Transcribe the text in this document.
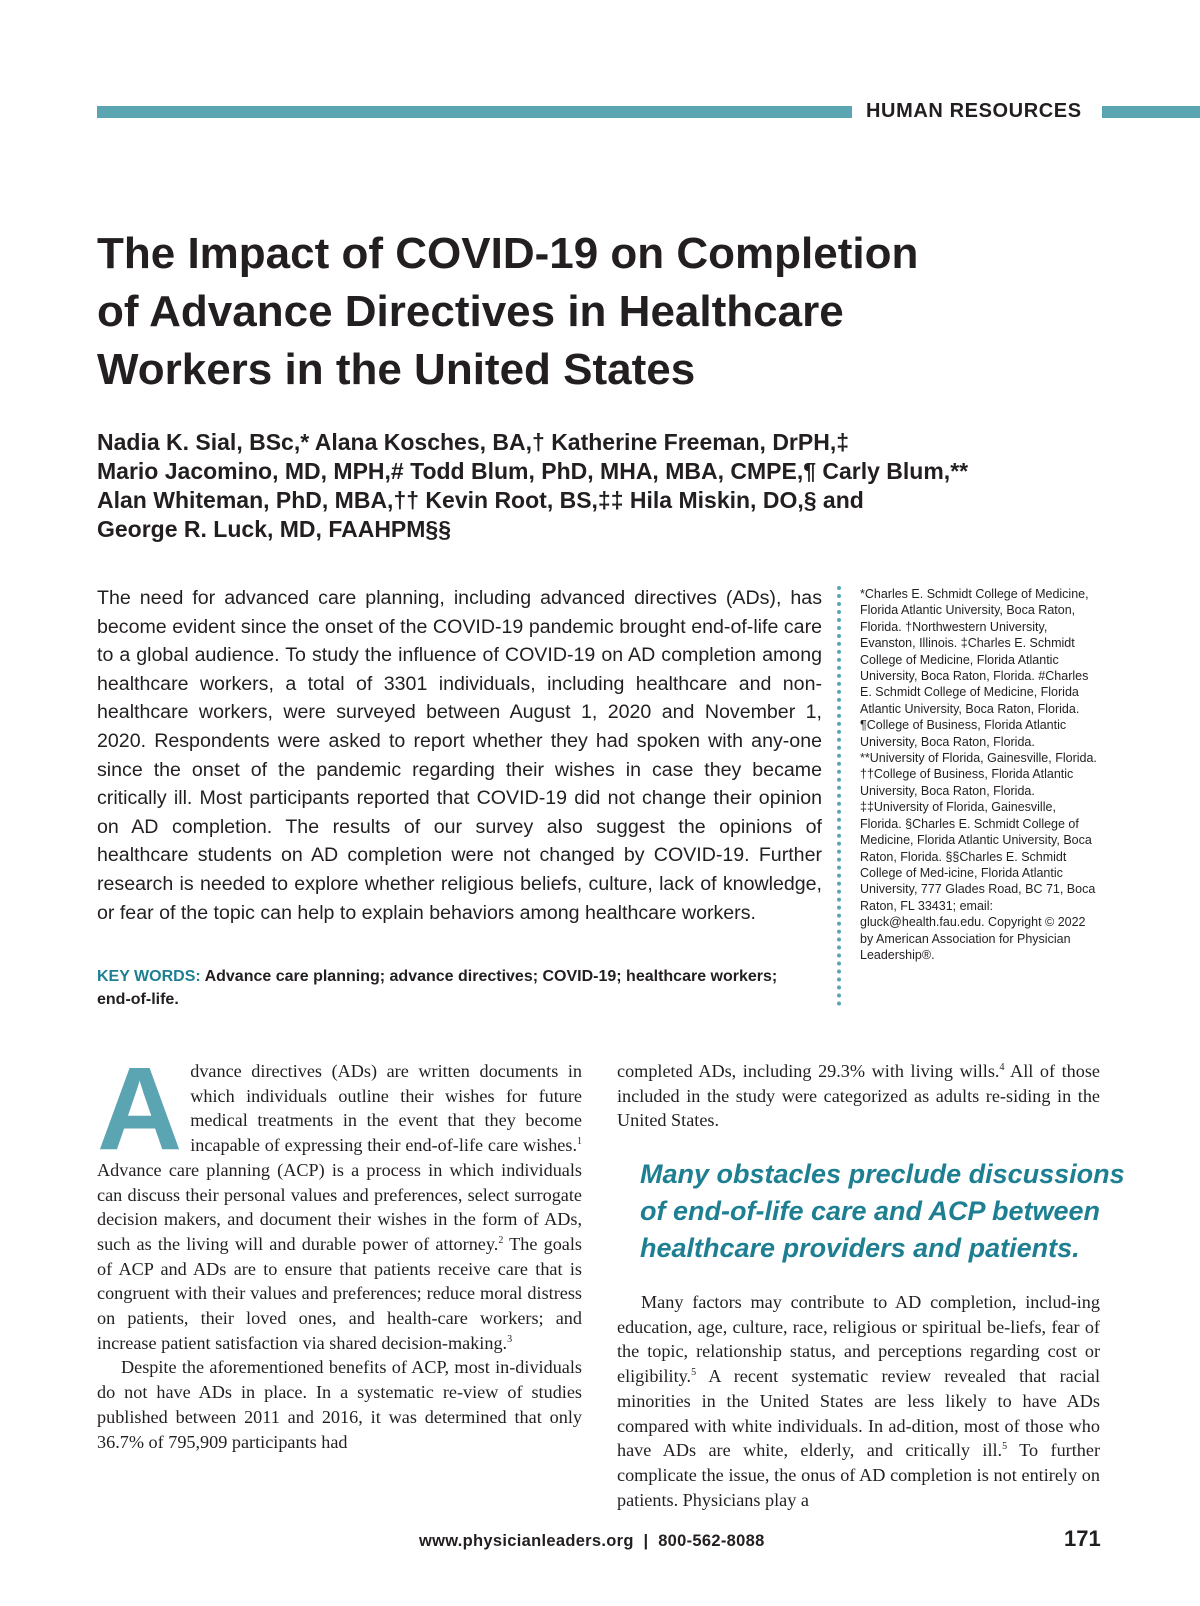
HUMAN RESOURCES
The Impact of COVID-19 on Completion
of Advance Directives in Healthcare
Workers in the United States
Nadia K. Sial, BSc,* Alana Kosches, BA,† Katherine Freeman, DrPH,‡
Mario Jacomino, MD, MPH,# Todd Blum, PhD, MHA, MBA, CMPE,¶ Carly Blum,**
Alan Whiteman, PhD, MBA,†† Kevin Root, BS,‡‡ Hila Miskin, DO,§ and
George R. Luck, MD, FAAHPM§§

The need for advanced care planning, including advanced directives (ADs), has become evident since the onset of the COVID-19 pandemic brought end-of-life care to a global audience. To study the influence of COVID-19 on AD completion among healthcare workers, a total of 3301 individuals, including healthcare and non-healthcare workers, were surveyed between August 1, 2020 and November 1, 2020. Respondents were asked to report whether they had spoken with any-one since the onset of the pandemic regarding their wishes in case they became critically ill. Most participants reported that COVID-19 did not change their opinion on AD completion. The results of our survey also suggest the opinions of healthcare students on AD completion were not changed by COVID-19. Further research is needed to explore whether religious beliefs, culture, lack of knowledge, or fear of the topic can help to explain behaviors among healthcare workers.

KEY WORDS: Advance care planning; advance directives; COVID-19; healthcare workers; end-of-life.

*Charles E. Schmidt College of Medicine, Florida Atlantic University, Boca Raton, Florida. †Northwestern University, Evanston, Illinois. ‡Charles E. Schmidt College of Medicine, Florida Atlantic University, Boca Raton, Florida. #Charles E. Schmidt College of Medicine, Florida Atlantic University, Boca Raton, Florida. ¶College of Business, Florida Atlantic University, Boca Raton, Florida. **University of Florida, Gainesville, Florida. ††College of Business, Florida Atlantic University, Boca Raton, Florida. ‡‡University of Florida, Gainesville, Florida. §Charles E. Schmidt College of Medicine, Florida Atlantic University, Boca Raton, Florida. §§Charles E. Schmidt College of Med-icine, Florida Atlantic University, 777 Glades Road, BC 71, Boca Raton, FL 33431; email: gluck@health.fau.edu. Copyright © 2022 by American Association for Physician Leadership®.

Advance directives (ADs) are written documents in which individuals outline their wishes for future medical treatments in the event that they become incapable of expressing their end-of-life care wishes.$^1$ Advance care planning (ACP) is a process in which individuals can discuss their personal values and preferences, select surrogate decision makers, and document their wishes in the form of ADs, such as the living will and durable power of attorney.$^2$ The goals of ACP and ADs are to ensure that patients receive care that is congruent with their values and preferences; reduce moral distress on patients, their loved ones, and health-care workers; and increase patient satisfaction via shared decision-making.$^3$

Despite the aforementioned benefits of ACP, most in-dividuals do not have ADs in place. In a systematic re-view of studies published between 2011 and 2016, it was determined that only 36.7% of 795,909 participants had

completed ADs, including 29.3% with living wills.$^4$ All of those included in the study were categorized as adults re-siding in the United States.

Many obstacles preclude discussions
of end-of-life care and ACP between
healthcare providers and patients.

Many factors may contribute to AD completion, includ-ing education, age, culture, race, religious or spiritual be-liefs, fear of the topic, relationship status, and perceptions regarding cost or eligibility.$^5$ A recent systematic review revealed that racial minorities in the United States are less likely to have ADs compared with white individuals. In ad-dition, most of those who have ADs are white, elderly, and critically ill.$^5$ To further complicate the issue, the onus of AD completion is not entirely on patients. Physicians play a

www.physicianleaders.org  |  800-562-8088	171
